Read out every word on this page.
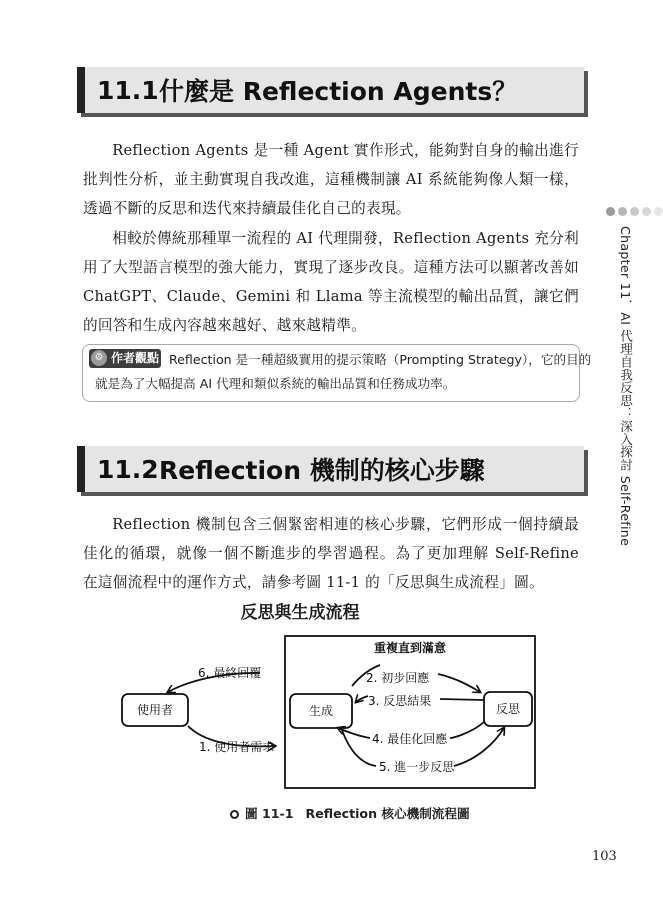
11.1 什麼是 Reflection Agents？

Reflection Agents 是一種 Agent 實作形式，能夠對自身的輸出進行批判性分析，並主動實現自我改進，這種機制讓 AI 系統能夠像人類一樣，透過不斷的反思和迭代來持續最佳化自己的表現。

相較於傳統那種單一流程的 AI 代理開發，Reflection Agents 充分利用了大型語言模型的強大能力，實現了逐步改良。這種方法可以顯著改善如 ChatGPT、Claude、Gemini 和 Llama 等主流模型的輸出品質，讓它們的回答和生成內容越來越好、越來越精準。

⚙ 作者觀點 Reflection 是一種超級實用的提示策略（Prompting Strategy），它的目的
就是為了大幅提高 AI 代理和類似系統的輸出品質和任務成功率。
11.2 Reflection 機制的核心步驟

Reflection 機制包含三個緊密相連的核心步驟，它們形成一個持續最佳化的循環，就像一個不斷進步的學習過程。為了更加理解 Self-Refine 在這個流程中的運作方式，請參考圖 11-1 的「反思與生成流程」圖。

Chapter 11．AI 代理自我反思：深入探討 Self-Refine
反思與生成流程
重複直到滿意
使用者	生成	反思
1. 使用者需求
6. 最終回覆	2. 初步回應
3. 反思結果
4. 最佳化回應
5. 進一步反思
圖 11-1 Reflection 核心機制流程圖
103
